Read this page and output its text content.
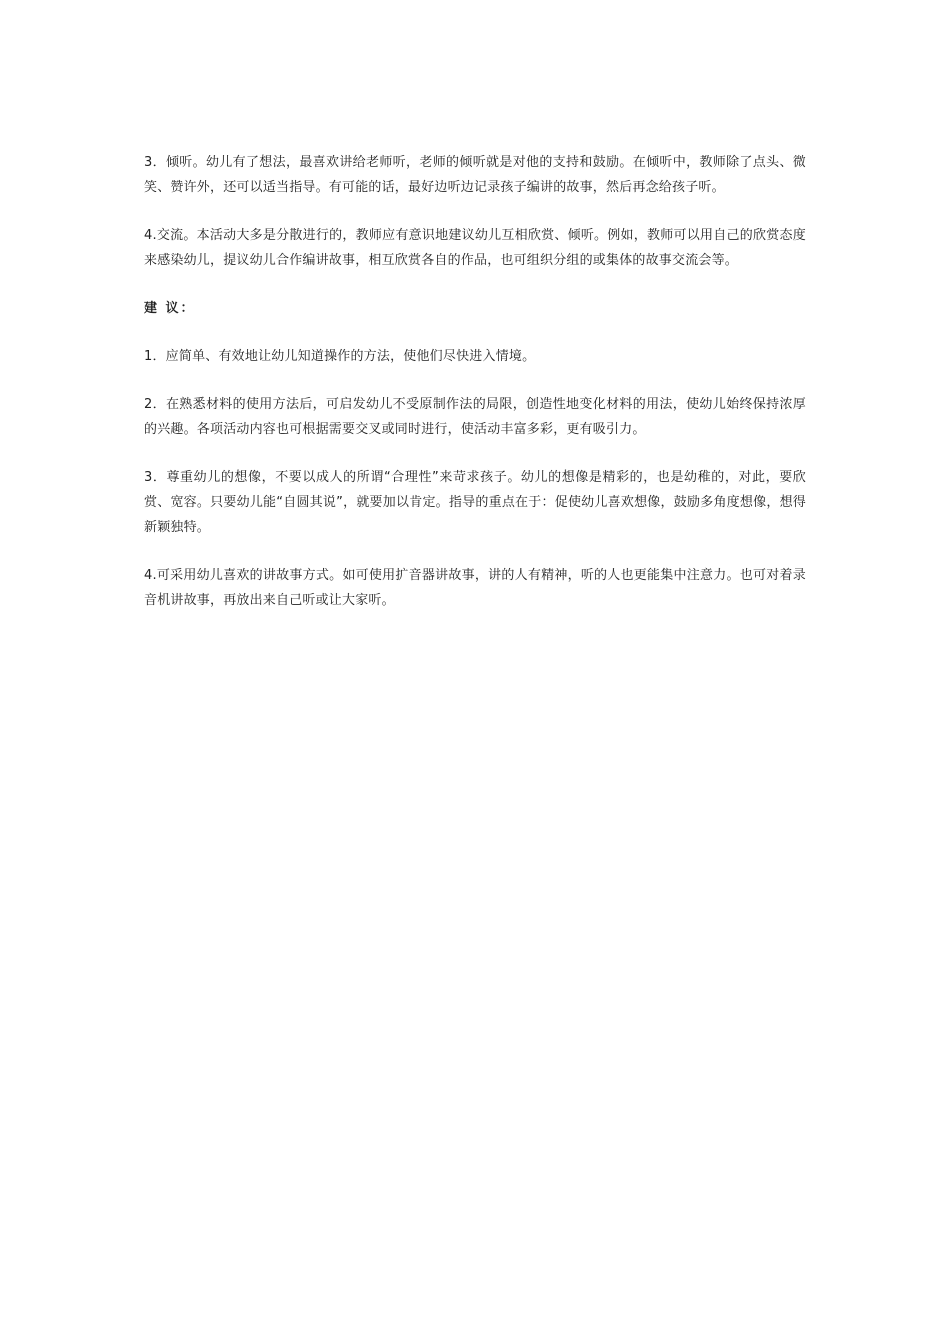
3．倾听。幼儿有了想法，最喜欢讲给老师听，老师的倾听就是对他的支持和鼓励。在倾听中，教师除了点头、微笑、赞许外，还可以适当指导。有可能的话，最好边听边记录孩子编讲的故事，然后再念给孩子听。

4.交流。本活动大多是分散进行的，教师应有意识地建议幼儿互相欣赏、倾听。例如，教师可以用自己的欣赏态度来感染幼儿，提议幼儿合作编讲故事，相互欣赏各自的作品，也可组织分组的或集体的故事交流会等。

建 议：

1．应简单、有效地让幼儿知道操作的方法，使他们尽快进入情境。

2．在熟悉材料的使用方法后，可启发幼儿不受原制作法的局限，创造性地变化材料的用法，使幼儿始终保持浓厚的兴趣。各项活动内容也可根据需要交叉或同时进行，使活动丰富多彩，更有吸引力。

3．尊重幼儿的想像，不要以成人的所谓“合理性”来苛求孩子。幼儿的想像是精彩的，也是幼稚的，对此，要欣赏、宽容。只要幼儿能“自圆其说”，就要加以肯定。指导的重点在于：促使幼儿喜欢想像，鼓励多角度想像，想得新颖独特。

4.可采用幼儿喜欢的讲故事方式。如可使用扩音器讲故事，讲的人有精神，听的人也更能集中注意力。也可对着录音机讲故事，再放出来自己听或让大家听。
